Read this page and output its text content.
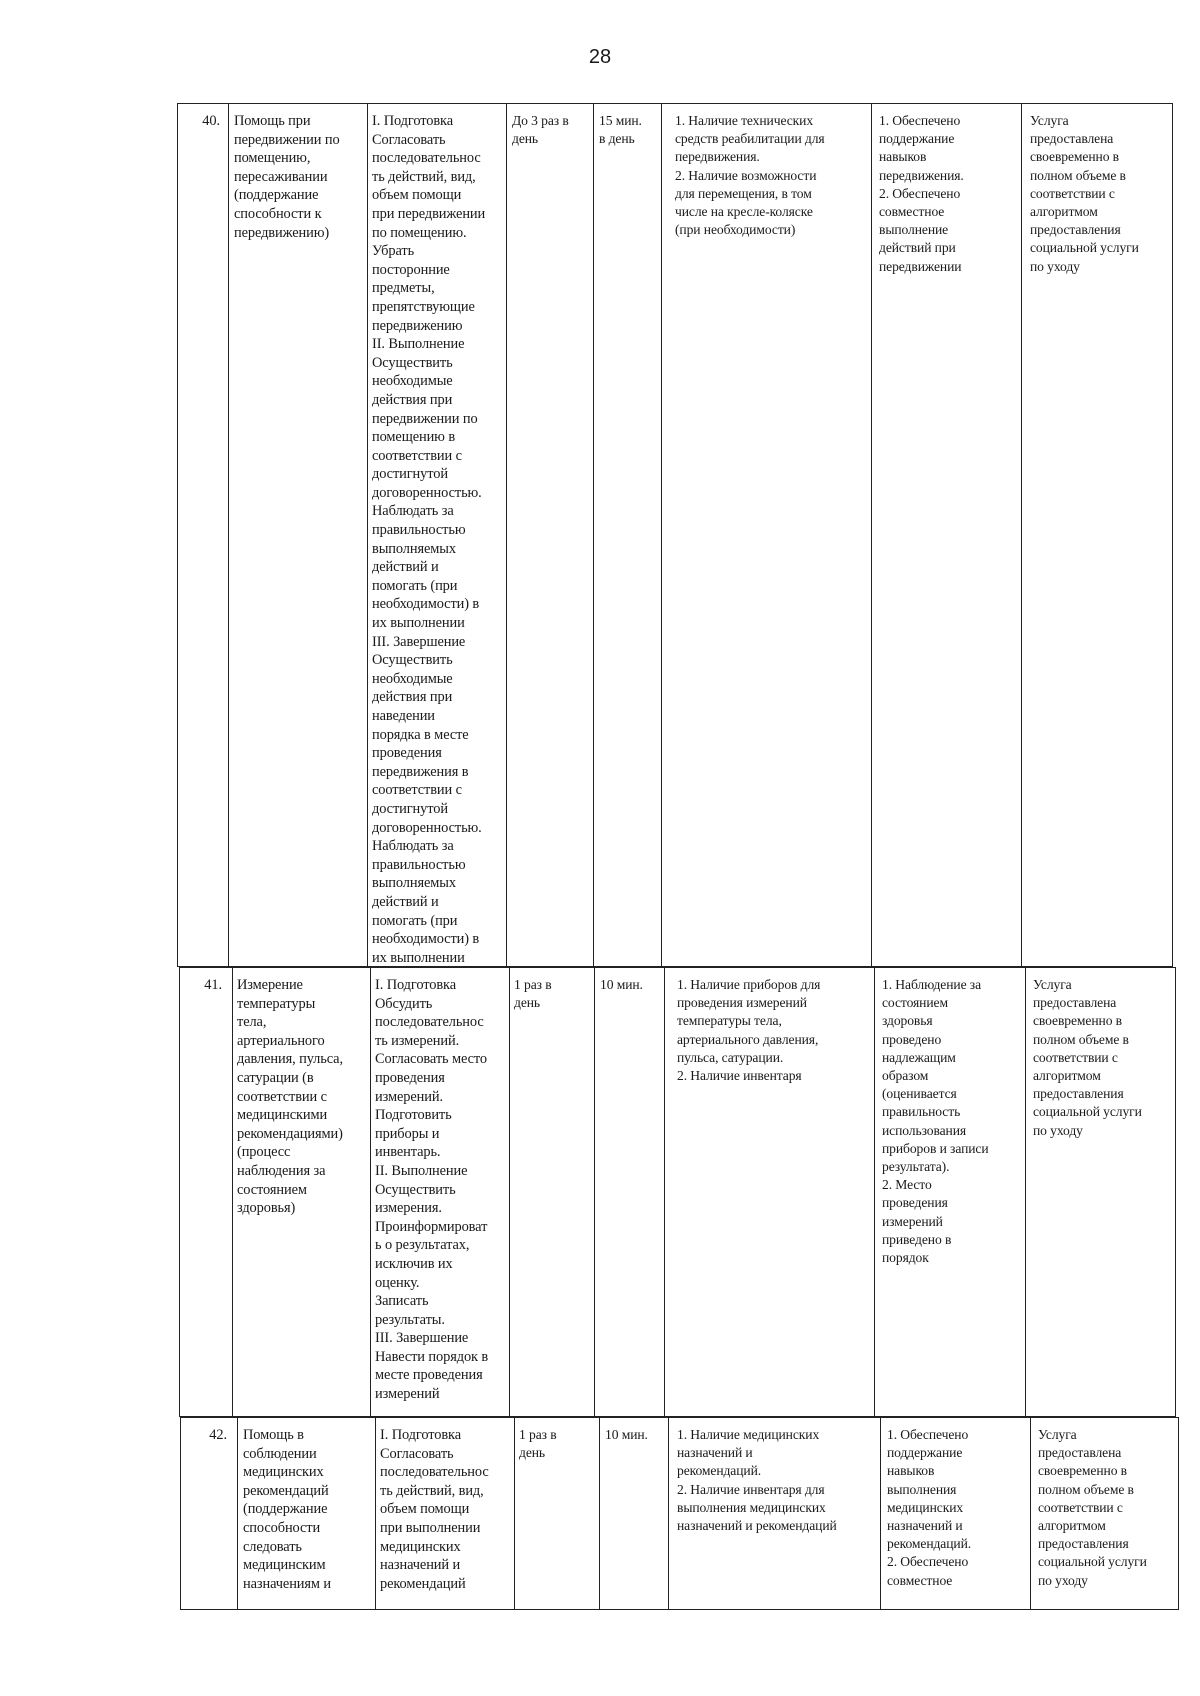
28
40. Помощь при
передвижении по
помещению,
пересаживании
(поддержание
способности к
передвижению)
I. Подготовка
Согласовать
последовательнос
ть действий, вид,
объем помощи
при передвижении
по помещению.
Убрать
посторонние
предметы,
препятствующие
передвижению
II. Выполнение
Осуществить
необходимые
действия при
передвижении по
помещению в
соответствии с
достигнутой
договоренностью.
Наблюдать за
правильностью
выполняемых
действий и
помогать (при
необходимости) в
их выполнении
III. Завершение
Осуществить
необходимые
действия при
наведении
порядка в месте
проведения
передвижения в
соответствии с
достигнутой
договоренностью.
Наблюдать за
правильностью
выполняемых
действий и
помогать (при
необходимости) в
их выполнении
До 3 раз в
день
15 мин.
в день
1. Наличие технических
средств реабилитации для
передвижения.
2. Наличие возможности
для перемещения, в том
числе на кресле-коляске
(при необходимости)
1. Обеспечено
поддержание
навыков
передвижения.
2. Обеспечено
совместное
выполнение
действий при
передвижении
Услуга
предоставлена
своевременно в
полном объеме в
соответствии с
алгоритмом
предоставления
социальной услуги
по уходу
41. Измерение
температуры
тела,
артериального
давления, пульса,
сатурации (в
соответствии с
медицинскими
рекомендациями)
(процесс
наблюдения за
состоянием
здоровья)
I. Подготовка
Обсудить
последовательнос
ть измерений.
Согласовать место
проведения
измерений.
Подготовить
приборы и
инвентарь.
II. Выполнение
Осуществить
измерения.
Проинформироват
ь о результатах,
исключив их
оценку.
Записать
результаты.
III. Завершение
Навести порядок в
месте проведения
измерений
1 раз в
день
10 мин.	1. Наличие приборов для
проведения измерений
температуры тела,
артериального давления,
пульса, сатурации.
2. Наличие инвентаря
1. Наблюдение за
состоянием
здоровья
проведено
надлежащим
образом
(оценивается
правильность
использования
приборов и записи
результата).
2. Место
проведения
измерений
приведено в
порядок
Услуга
предоставлена
своевременно в
полном объеме в
соответствии с
алгоритмом
предоставления
социальной услуги
по уходу
42. Помощь в
соблюдении
медицинских
рекомендаций
(поддержание
способности
следовать
медицинским
назначениям и
I. Подготовка
Согласовать
последовательнос
ть действий, вид,
объем помощи
при выполнении
медицинских
назначений и
рекомендаций
1 раз в
день
10 мин.	1. Наличие медицинских
назначений и
рекомендаций.
2. Наличие инвентаря для
выполнения медицинских
назначений и рекомендаций
1. Обеспечено
поддержание
навыков
выполнения
медицинских
назначений и
рекомендаций.
2. Обеспечено
совместное
Услуга
предоставлена
своевременно в
полном объеме в
соответствии с
алгоритмом
предоставления
социальной услуги
по уходу
